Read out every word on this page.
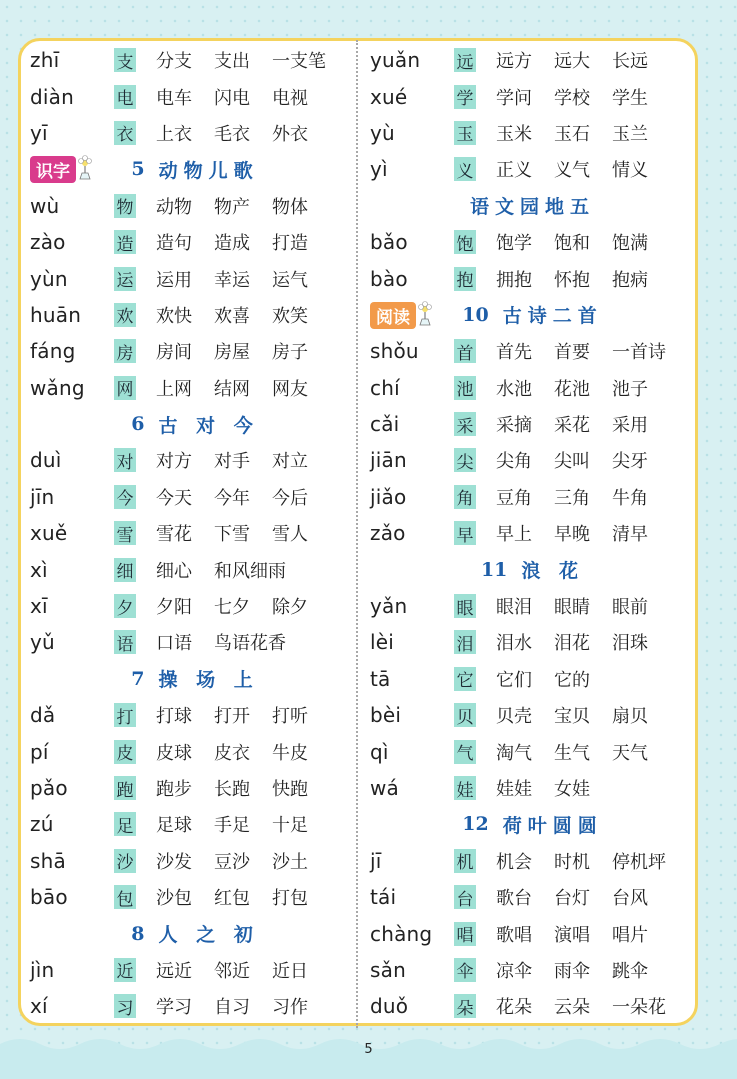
zhī	支 分支 支出 一支笔
diàn	电 电车 闪电 电视
yī	衣 上衣 毛衣 外衣
识字	5 动物儿歌
wù	物 动物 物产 物体
zào	造 造句 造成 打造
yùn	运 运用 幸运 运气
huān	欢 欢快 欢喜 欢笑
fáng	房 房间 房屋 房子
wǎng	网 上网 结网 网友
6 古 对 今
duì	对 对方 对手 对立
jīn	今 今天 今年 今后
xuě	雪 雪花 下雪 雪人
xì	细 细心 和风细雨
xī	夕 夕阳 七夕 除夕
yǔ	语 口语 鸟语花香
7 操 场 上
dǎ	打 打球 打开 打听
pí	皮 皮球 皮衣 牛皮
pǎo	跑 跑步 长跑 快跑
zú	足 足球 手足 十足
shā	沙 沙发 豆沙 沙土
bāo	包 沙包 红包 打包
8 人 之 初
jìn	近 远近 邻近 近日
xí	习 学习 自习 习作
yuǎn	远 远方 远大 长远
xué	学 学问 学校 学生
yù	玉 玉米 玉石 玉兰
yì	义 正义 义气 情义
语文园地五
bǎo	饱 饱学 饱和 饱满
bào	抱 拥抱 怀抱 抱病
阅读	10 古诗二首
shǒu	首 首先 首要 一首诗
chí	池 水池 花池 池子
cǎi	采 采摘 采花 采用
jiān	尖 尖角 尖叫 尖牙
jiǎo	角 豆角 三角 牛角
zǎo	早 早上 早晚 清早
11 浪 花
yǎn	眼 眼泪 眼睛 眼前
lèi	泪 泪水 泪花 泪珠
tā	它 它们 它的
bèi	贝 贝壳 宝贝 扇贝
qì	气 淘气 生气 天气
wá	娃 娃娃 女娃
12 荷叶圆圆
jī	机 机会 时机 停机坪
tái	台 歌台 台灯 台风
chàng	唱 歌唱 演唱 唱片
sǎn	伞 凉伞 雨伞 跳伞
duǒ	朵 花朵 云朵 一朵花
5
